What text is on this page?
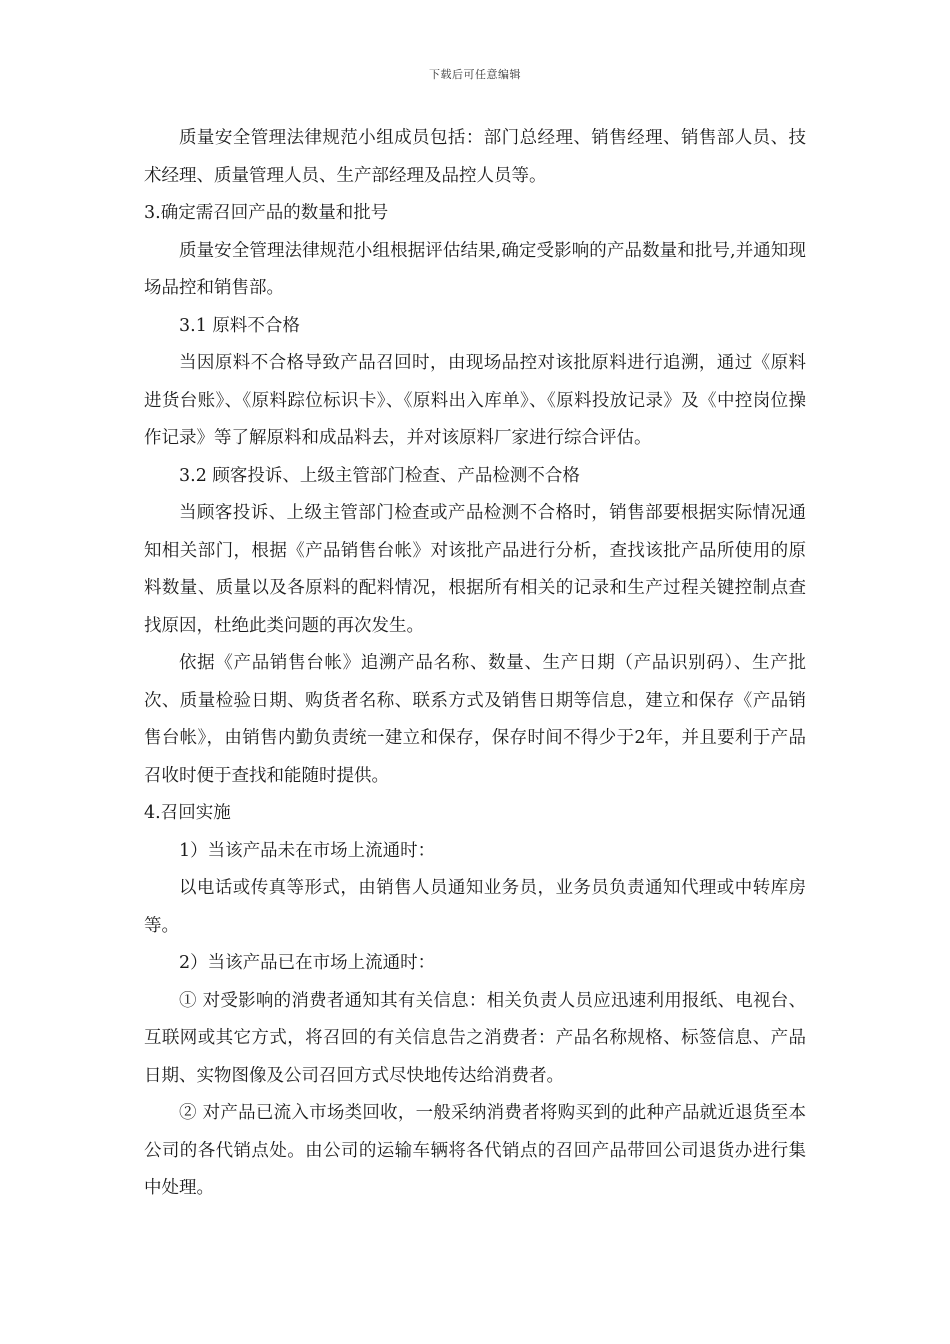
下载后可任意编辑

质量安全管理法律规范小组成员包括：部门总经理、销售经理、销售部人员、技术经理、质量管理人员、生产部经理及品控人员等。

3.确定需召回产品的数量和批号

质量安全管理法律规范小组根据评估结果,确定受影响的产品数量和批号,并通知现场品控和销售部。

3.1 原料不合格

当因原料不合格导致产品召回时，由现场品控对该批原料进行追溯，通过《原料进货台账》、《原料踪位标识卡》、《原料出入库单》、《原料投放记录》及《中控岗位操作记录》等了解原料和成品料去，并对该原料厂家进行综合评估。

3.2 顾客投诉、上级主管部门检查、产品检测不合格

当顾客投诉、上级主管部门检查或产品检测不合格时，销售部要根据实际情况通知相关部门，根据《产品销售台帐》对该批产品进行分析，查找该批产品所使用的原料数量、质量以及各原料的配料情况，根据所有相关的记录和生产过程关键控制点查找原因，杜绝此类问题的再次发生。

依据《产品销售台帐》追溯产品名称、数量、生产日期（产品识别码）、生产批次、质量检验日期、购货者名称、联系方式及销售日期等信息，建立和保存《产品销售台帐》，由销售内勤负责统一建立和保存，保存时间不得少于2年，并且要利于产品召收时便于查找和能随时提供。

4.召回实施

1）当该产品未在市场上流通时：

以电话或传真等形式，由销售人员通知业务员，业务员负责通知代理或中转库房等。

2）当该产品已在市场上流通时：

① 对受影响的消费者通知其有关信息：相关负责人员应迅速利用报纸、电视台、互联网或其它方式，将召回的有关信息告之消费者：产品名称规格、标签信息、产品日期、实物图像及公司召回方式尽快地传达给消费者。

② 对产品已流入市场类回收，一般采纳消费者将购买到的此种产品就近退货至本公司的各代销点处。由公司的运输车辆将各代销点的召回产品带回公司退货办进行集中处理。
